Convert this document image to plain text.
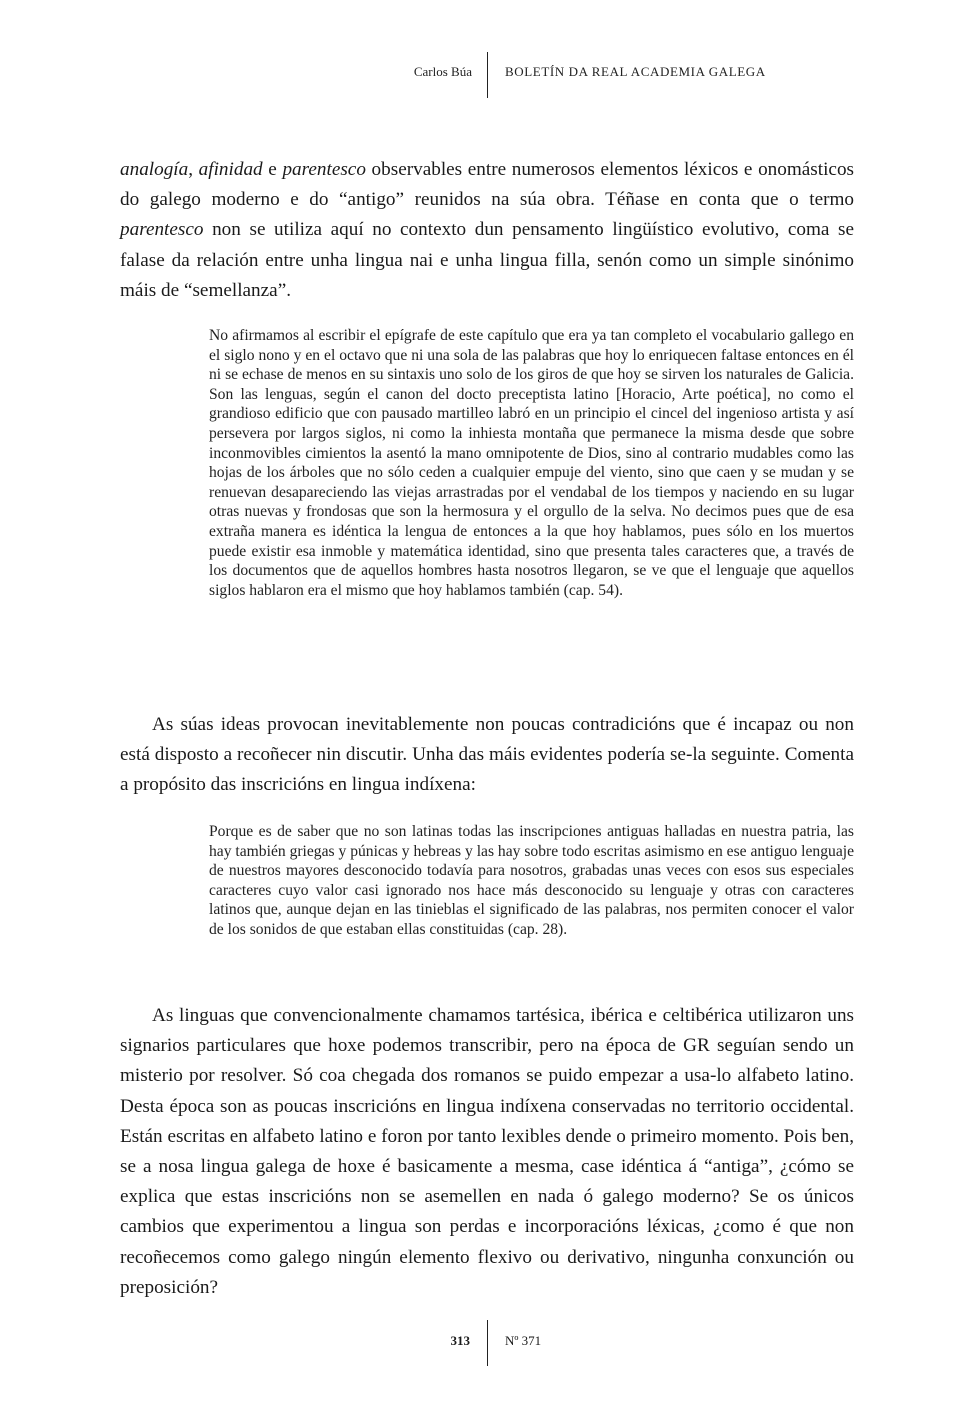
Carlos Búa	BOLETÍN DA REAL ACADEMIA GALEGA

analogía, afinidad e parentesco observables entre numerosos elementos léxicos e onomásticos do galego moderno e do “antigo” reunidos na súa obra. Téñase en conta que o termo parentesco non se utiliza aquí no contexto dun pensamento lingüístico evolutivo, coma se falase da relación entre unha lingua nai e unha lingua filla, senón como un simple sinónimo máis de “semellanza”.

No afirmamos al escribir el epígrafe de este capítulo que era ya tan completo el vocabulario gallego en el siglo nono y en el octavo que ni una sola de las palabras que hoy lo enriquecen faltase entonces en él ni se echase de menos en su sintaxis uno solo de los giros de que hoy se sirven los naturales de Galicia. Son las lenguas, según el canon del docto preceptista latino [Horacio, Arte poética], no como el grandioso edificio que con pausado martilleo labró en un principio el cincel del ingenioso artista y así persevera por largos siglos, ni como la inhiesta montaña que permanece la misma desde que sobre inconmovibles cimientos la asentó la mano omnipotente de Dios, sino al contrario mudables como las hojas de los árboles que no sólo ceden a cualquier empuje del viento, sino que caen y se mudan y se renuevan desapareciendo las viejas arrastradas por el vendabal de los tiempos y naciendo en su lugar otras nuevas y frondosas que son la hermosura y el orgullo de la selva. No decimos pues que de esa extraña manera es idéntica la lengua de entonces a la que hoy hablamos, pues sólo en los muertos puede existir esa inmoble y matemática identidad, sino que presenta tales caracteres que, a través de los documentos que de aquellos hombres hasta nosotros llegaron, se ve que el lenguaje que aquellos siglos hablaron era el mismo que hoy hablamos también (cap. 54).

As súas ideas provocan inevitablemente non poucas contradicións que é incapaz ou non está disposto a recoñecer nin discutir. Unha das máis evidentes podería se-la seguinte. Comenta a propósito das inscricións en lingua indíxena:

Porque es de saber que no son latinas todas las inscripciones antiguas halladas en nuestra patria, las hay también griegas y púnicas y hebreas y las hay sobre todo escritas asimismo en ese antiguo lenguaje de nuestros mayores desconocido todavía para nosotros, grabadas unas veces con esos sus especiales caracteres cuyo valor casi ignorado nos hace más desconocido su lenguaje y otras con caracteres latinos que, aunque dejan en las tinieblas el significado de las palabras, nos permiten conocer el valor de los sonidos de que estaban ellas constituidas (cap. 28).

As linguas que convencionalmente chamamos tartésica, ibérica e celtibérica utilizaron uns signarios particulares que hoxe podemos transcribir, pero na época de GR seguían sendo un misterio por resolver. Só coa chegada dos romanos se puido empezar a usa-lo alfabeto latino. Desta época son as poucas inscricións en lingua indíxena conservadas no territorio occidental. Están escritas en alfabeto latino e foron por tanto lexibles dende o primeiro momento. Pois ben, se a nosa lingua galega de hoxe é basicamente a mesma, case idéntica á “antiga”, ¿cómo se explica que estas inscricións non se asemellen en nada ó galego moderno? Se os únicos cambios que experimentou a lingua son perdas e incorporacións léxicas, ¿como é que non recoñecemos como galego ningún elemento flexivo ou derivativo, ningunha conxunción ou preposición?

313	Nº 371
